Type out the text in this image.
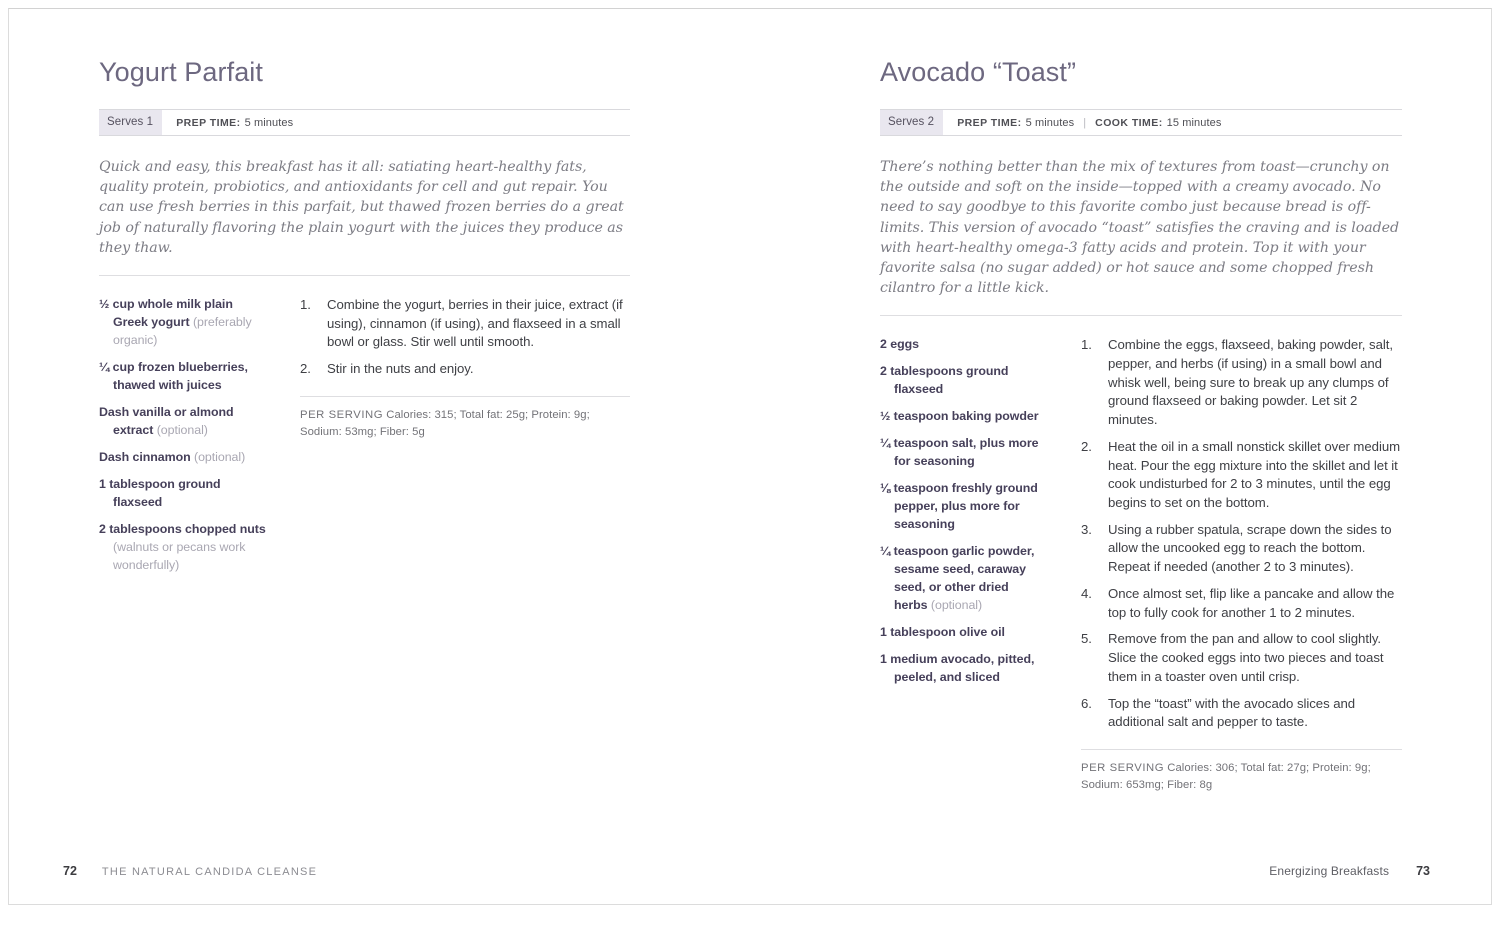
Yogurt Parfait
Serves 1	PREP TIME: 5 minutes

Quick and easy, this breakfast has it all: satiating heart-healthy fats, quality protein, probiotics, and antioxidants for cell and gut repair. You can use fresh berries in this parfait, but thawed frozen berries do a great job of naturally flavoring the plain yogurt with the juices they produce as they thaw.

½ cup whole milk plain Greek yogurt (preferably organic)
¼ cup frozen blueberries, thawed with juices
Dash vanilla or almond extract (optional)
Dash cinnamon (optional)
1 tablespoon ground flaxseed
2 tablespoons chopped nuts (walnuts or pecans work wonderfully)
Combine the yogurt, berries in their juice, extract (if using), cinnamon (if using), and flaxseed in a small bowl or glass. Stir well until smooth.
Stir in the nuts and enjoy.
PER SERVING Calories: 315; Total fat: 25g; Protein: 9g; Sodium: 53mg; Fiber: 5g
72 THE NATURAL CANDIDA CLEANSE
Avocado “Toast”
Serves 2	PREP TIME: 5 minutes | COOK TIME: 15 minutes

There’s nothing better than the mix of textures from toast—crunchy on the outside and soft on the inside—topped with a creamy avocado. No need to say goodbye to this favorite combo just because bread is off-limits. This version of avocado “toast” satisfies the craving and is loaded with heart-healthy omega-3 fatty acids and protein. Top it with your favorite salsa (no sugar added) or hot sauce and some chopped fresh cilantro for a little kick.

2 eggs
2 tablespoons ground flaxseed
½ teaspoon baking powder
¼ teaspoon salt, plus more for seasoning
⅛ teaspoon freshly ground pepper, plus more for seasoning
¼ teaspoon garlic powder, sesame seed, caraway seed, or other dried herbs (optional)
1 tablespoon olive oil
1 medium avocado, pitted, peeled, and sliced
Combine the eggs, flaxseed, baking powder, salt, pepper, and herbs (if using) in a small bowl and whisk well, being sure to break up any clumps of ground flaxseed or baking powder. Let sit 2 minutes.
Heat the oil in a small nonstick skillet over medium heat. Pour the egg mixture into the skillet and let it cook undisturbed for 2 to 3 minutes, until the egg begins to set on the bottom.
Using a rubber spatula, scrape down the sides to allow the uncooked egg to reach the bottom. Repeat if needed (another 2 to 3 minutes).
Once almost set, flip like a pancake and allow the top to fully cook for another 1 to 2 minutes.
Remove from the pan and allow to cool slightly. Slice the cooked eggs into two pieces and toast them in a toaster oven until crisp.
Top the “toast” with the avocado slices and additional salt and pepper to taste.
PER SERVING Calories: 306; Total fat: 27g; Protein: 9g; Sodium: 653mg; Fiber: 8g
Energizing Breakfasts 73
